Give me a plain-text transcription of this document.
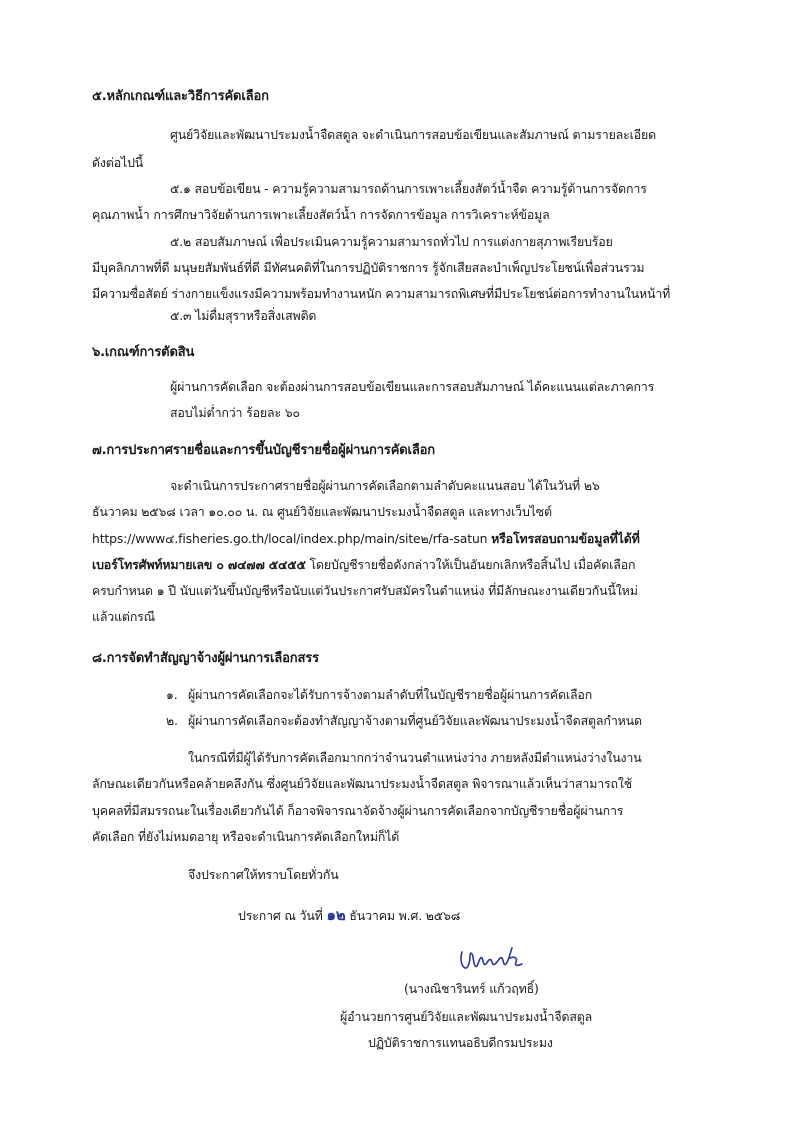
๕.หลักเกณฑ์และวิธีการคัดเลือก
ศูนย์วิจัยและพัฒนาประมงน้ำจืดสตูล จะดำเนินการสอบข้อเขียนและสัมภาษณ์ ตามรายละเอียด
ดังต่อไปนี้
๕.๑ สอบข้อเขียน - ความรู้ความสามารถด้านการเพาะเลี้ยงสัตว์น้ำจืด ความรู้ด้านการจัดการ
คุณภาพน้ำ การศึกษาวิจัยด้านการเพาะเลี้ยงสัตว์น้ำ การจัดการข้อมูล การวิเคราะห์ข้อมูล
๕.๒ สอบสัมภาษณ์ เพื่อประเมินความรู้ความสามารถทั่วไป การแต่งกายสุภาพเรียบร้อย
มีบุคลิกภาพที่ดี มนุษยสัมพันธ์ที่ดี มีทัศนคติที่ในการปฏิบัติราชการ รู้จักเสียสละบำเพ็ญประโยชน์เพื่อส่วนรวม
มีความซื่อสัตย์ ร่างกายแข็งแรงมีความพร้อมทำงานหนัก ความสามารถพิเศษที่มีประโยชน์ต่อการทำงานในหน้าที่
๕.๓ ไม่ดื่มสุราหรือสิ่งเสพติด
๖.เกณฑ์การตัดสิน
ผู้ผ่านการคัดเลือก จะต้องผ่านการสอบข้อเขียนและการสอบสัมภาษณ์ ได้คะแนนแต่ละภาคการ
สอบไม่ต่ำกว่า ร้อยละ ๖๐
๗.การประกาศรายชื่อและการขึ้นบัญชีรายชื่อผู้ผ่านการคัดเลือก
จะดำเนินการประกาศรายชื่อผู้ผ่านการคัดเลือกตามลำดับคะแนนสอบ ได้ในวันที่ ๒๖
ธันวาคม ๒๕๖๘ เวลา ๑๐.๐๐ น. ณ ศูนย์วิจัยและพัฒนาประมงน้ำจืดสตูล และทางเว็บไซต์
https://www๔.fisheries.go.th/local/index.php/main/site๒/rfa-satun หรือโทรสอบถามข้อมูลที่ได้ที่
เบอร์โทรศัพท์หมายเลข ๐ ๗๔๗๗ ๕๔๕๕ โดยบัญชีรายชื่อดังกล่าวให้เป็นอันยกเลิกหรือสิ้นไป เมื่อคัดเลือก
ครบกำหนด ๑ ปี นับแต่วันขึ้นบัญชีหรือนับแต่วันประกาศรับสมัครในตำแหน่ง ที่มีลักษณะงานเดียวกันนี้ใหม่
แล้วแต่กรณี
๘.การจัดทำสัญญาจ้างผู้ผ่านการเลือกสรร
๑. ผู้ผ่านการคัดเลือกจะได้รับการจ้างตามลำดับที่ในบัญชีรายชื่อผู้ผ่านการคัดเลือก
๒. ผู้ผ่านการคัดเลือกจะต้องทำสัญญาจ้างตามที่ศูนย์วิจัยและพัฒนาประมงน้ำจืดสตูลกำหนด
ในกรณีที่มีผู้ได้รับการคัดเลือกมากกว่าจำนวนตำแหน่งว่าง ภายหลังมีตำแหน่งว่างในงาน
ลักษณะเดียวกันหรือคล้ายคลึงกัน ซึ่งศูนย์วิจัยและพัฒนาประมงน้ำจืดสตูล พิจารณาแล้วเห็นว่าสามารถใช้
บุคคลที่มีสมรรถนะในเรื่องเดียวกันได้ ก็อาจพิจารณาจัดจ้างผู้ผ่านการคัดเลือกจากบัญชีรายชื่อผู้ผ่านการ
คัดเลือก ที่ยังไม่หมดอายุ หรือจะดำเนินการคัดเลือกใหม่ก็ได้
จึงประกาศให้ทราบโดยทั่วกัน
ประกาศ ณ วันที่ ๑๒ ธันวาคม พ.ศ. ๒๕๖๘
(นางณิชารินทร์ แก้วฤทธิ์)
ผู้อำนวยการศูนย์วิจัยและพัฒนาประมงน้ำจืดสตูล
ปฏิบัติราชการแทนอธิบดีกรมประมง
